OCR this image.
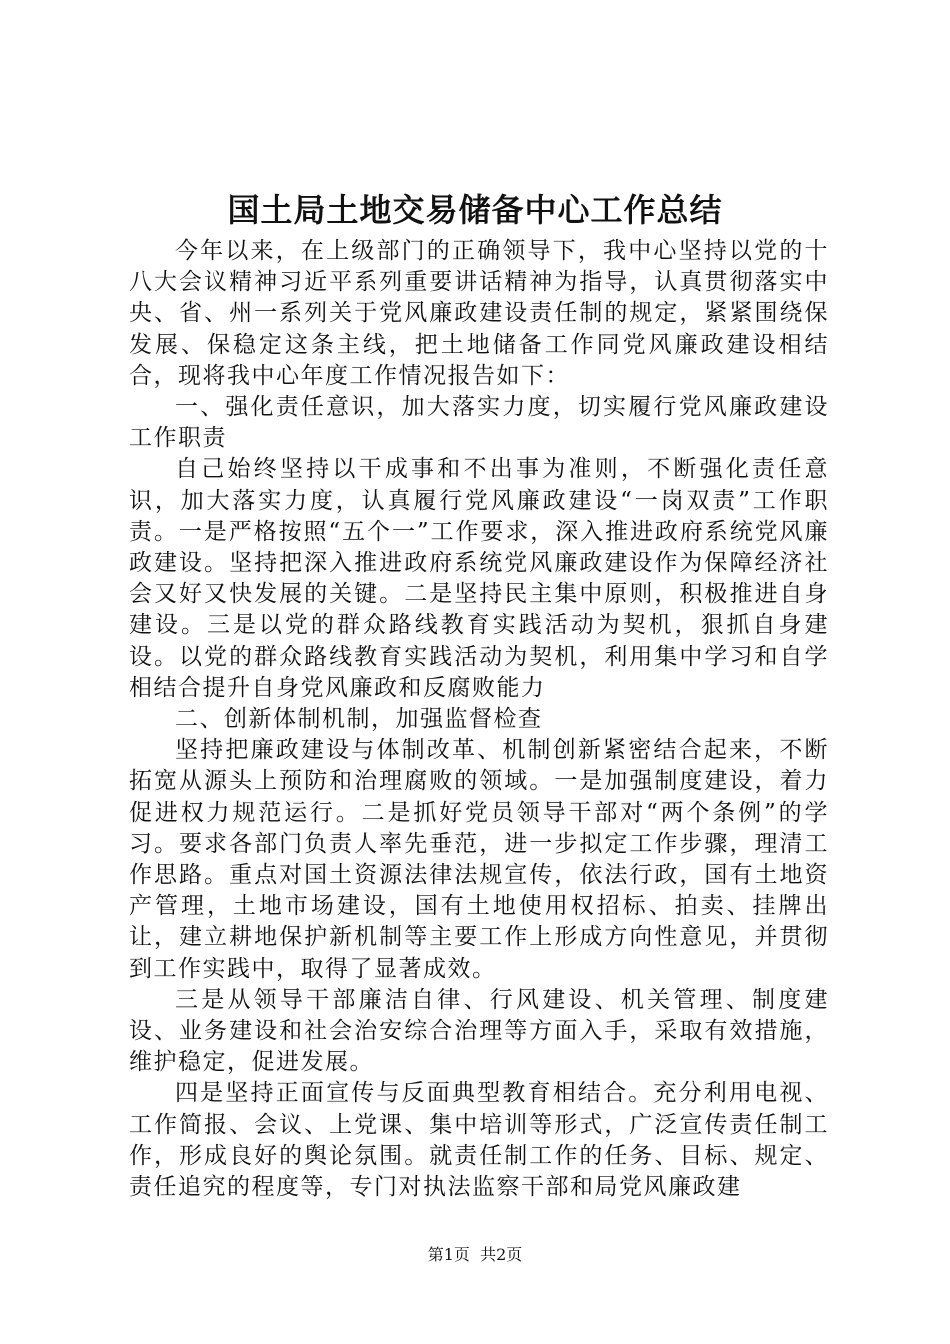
国土局土地交易储备中心工作总结

今年以来，在上级部门的正确领导下，我中心坚持以党的十八大会议精神习近平系列重要讲话精神为指导，认真贯彻落实中央、省、州一系列关于党风廉政建设责任制的规定，紧紧围绕保发展、保稳定这条主线，把土地储备工作同党风廉政建设相结合，现将我中心年度工作情况报告如下：

一、强化责任意识，加大落实力度，切实履行党风廉政建设工作职责

自己始终坚持以干成事和不出事为准则，不断强化责任意识，加大落实力度，认真履行党风廉政建设“一岗双责”工作职责。一是严格按照“五个一”工作要求，深入推进政府系统党风廉政建设。坚持把深入推进政府系统党风廉政建设作为保障经济社会又好又快发展的关键。二是坚持民主集中原则，积极推进自身建设。三是以党的群众路线教育实践活动为契机，狠抓自身建设。以党的群众路线教育实践活动为契机，利用集中学习和自学相结合提升自身党风廉政和反腐败能力

二、创新体制机制，加强监督检查

坚持把廉政建设与体制改革、机制创新紧密结合起来，不断拓宽从源头上预防和治理腐败的领域。一是加强制度建设，着力促进权力规范运行。二是抓好党员领导干部对“两个条例”的学习。要求各部门负责人率先垂范，进一步拟定工作步骤，理清工作思路。重点对国土资源法律法规宣传，依法行政，国有土地资产管理，土地市场建设，国有土地使用权招标、拍卖、挂牌出让，建立耕地保护新机制等主要工作上形成方向性意见，并贯彻到工作实践中，取得了显著成效。

三是从领导干部廉洁自律、行风建设、机关管理、制度建设、业务建设和社会治安综合治理等方面入手，采取有效措施，维护稳定，促进发展。

四是坚持正面宣传与反面典型教育相结合。充分利用电视、工作简报、会议、上党课、集中培训等形式，广泛宣传责任制工作，形成良好的舆论氛围。就责任制工作的任务、目标、规定、责任追究的程度等，专门对执法监察干部和局党风廉政建

第1页 共2页
